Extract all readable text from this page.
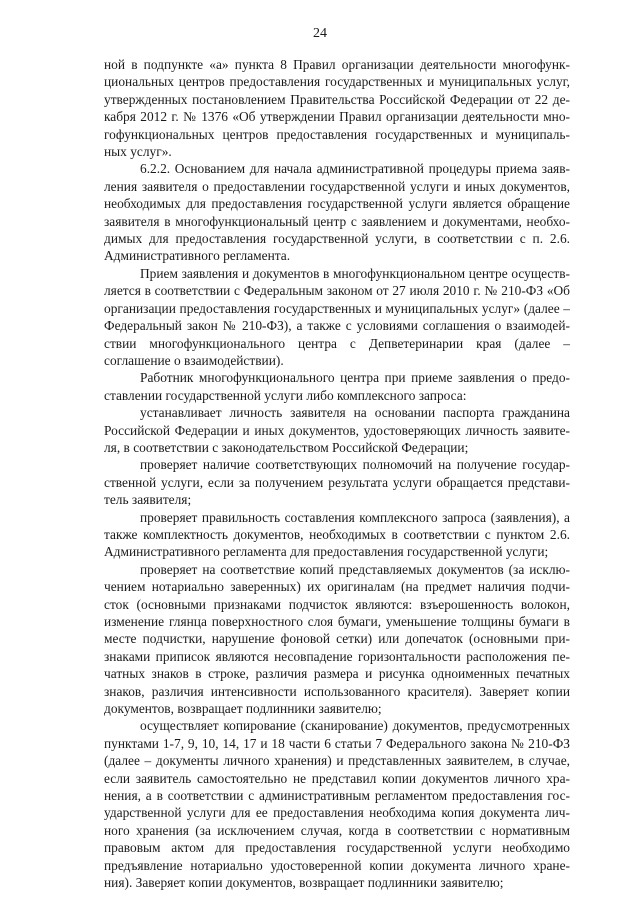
24
ной в подпункте «а» пункта 8 Правил организации деятельности многофунк-
циональных центров предоставления государственных и муниципальных услуг,
утвержденных постановлением Правительства Российской Федерации от 22 де-
кабря 2012 г. № 1376 «Об утверждении Правил организации деятельности мно-
гофункциональных центров предоставления государственных и муниципаль-
ных услуг».
6.2.2. Основанием для начала административной процедуры приема заяв-
ления заявителя о предоставлении государственной услуги и иных документов,
необходимых для предоставления государственной услуги является обращение
заявителя в многофункциональный центр с заявлением и документами, необхо-
димых для предоставления государственной услуги, в соответствии с п. 2.6.
Административного регламента.
Прием заявления и документов в многофункциональном центре осуществ-
ляется в соответствии с Федеральным законом от 27 июля 2010 г. № 210-ФЗ «Об
организации предоставления государственных и муниципальных услуг» (далее –
Федеральный закон № 210-ФЗ), а также с условиями соглашения о взаимодей-
ствии многофункционального центра с Депветеринарии края (далее –
соглашение о взаимодействии).
Работник многофункционального центра при приеме заявления о предо-
ставлении государственной услуги либо комплексного запроса:
устанавливает личность заявителя на основании паспорта гражданина
Российской Федерации и иных документов, удостоверяющих личность заявите-
ля, в соответствии с законодательством Российской Федерации;
проверяет наличие соответствующих полномочий на получение государ-
ственной услуги, если за получением результата услуги обращается представи-
тель заявителя;
проверяет правильность составления комплексного запроса (заявления), а
также комплектность документов, необходимых в соответствии с пунктом 2.6.
Административного регламента для предоставления государственной услуги;
проверяет на соответствие копий представляемых документов (за исклю-
чением нотариально заверенных) их оригиналам (на предмет наличия подчи-
сток (основными признаками подчисток являются: взъерошенность волокон,
изменение глянца поверхностного слоя бумаги, уменьшение толщины бумаги в
месте подчистки, нарушение фоновой сетки) или допечаток (основными при-
знаками приписок являются несовпадение горизонтальности расположения пе-
чатных знаков в строке, различия размера и рисунка одноименных печатных
знаков, различия интенсивности использованного красителя). Заверяет копии
документов, возвращает подлинники заявителю;
осуществляет копирование (сканирование) документов, предусмотренных
пунктами 1-7, 9, 10, 14, 17 и 18 части 6 статьи 7 Федерального закона № 210-ФЗ
(далее – документы личного хранения) и представленных заявителем, в случае,
если заявитель самостоятельно не представил копии документов личного хра-
нения, а в соответствии с административным регламентом предоставления гос-
ударственной услуги для ее предоставления необходима копия документа лич-
ного хранения (за исключением случая, когда в соответствии с нормативным
правовым актом для предоставления государственной услуги необходимо
предъявление нотариально удостоверенной копии документа личного хране-
ния). Заверяет копии документов, возвращает подлинники заявителю;
